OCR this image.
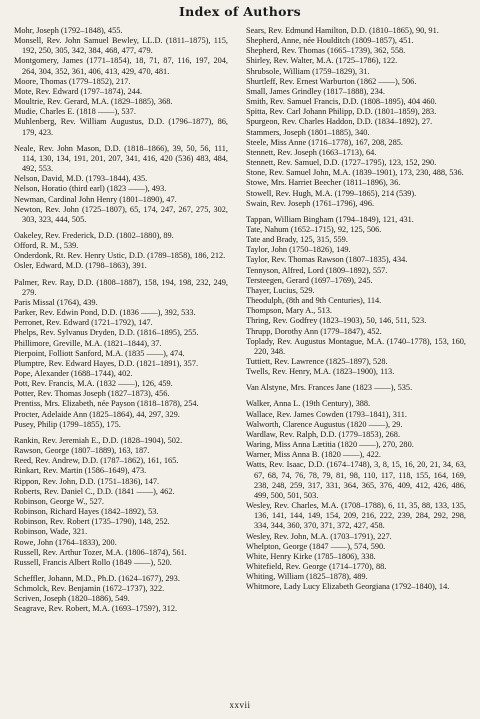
Index of Authors

Mohr, Joseph (1792–1848), 455.

Monsell, Rev. John Samuel Bewley, LL.D. (1811–1875), 115, 192, 250, 305, 342, 384, 468, 477, 479.

Montgomery, James (1771–1854), 18, 71, 87, 116, 197, 204, 264, 304, 352, 361, 406, 413, 429, 470, 481.

Moore, Thomas (1779–1852), 217.

Mote, Rev. Edward (1797–1874), 244.

Moultrie, Rev. Gerard, M.A. (1829–1885), 368.

Mudie, Charles E. (1818 ——), 537.

Muhlenberg, Rev. William Augustus, D.D. (1796–1877), 86, 179, 423.

Neale, Rev. John Mason, D.D. (1818–1866), 39, 50, 56, 111, 114, 130, 134, 191, 201, 207, 341, 416, 420 (536) 483, 484, 492, 553.

Nelson, David, M.D. (1793–1844), 435.

Nelson, Horatio (third earl) (1823 ——), 493.

Newman, Cardinal John Henry (1801–1890), 47.

Newton, Rev. John (1725–1807), 65, 174, 247, 267, 275, 302, 303, 323, 444, 505.

Oakeley, Rev. Frederick, D.D. (1802–1880), 89.

Offord, R. M., 539.

Onderdonk, Rt. Rev. Henry Ustic, D.D. (1789–1858), 186, 212.

Osler, Edward, M.D. (1798–1863), 391.

Palmer, Rev. Ray, D.D. (1808–1887), 158, 194, 198, 232, 249, 279.

Paris Missal (1764), 439.

Parker, Rev. Edwin Pond, D.D. (1836 ——), 392, 533.

Perronet, Rev. Edward (1721–1792), 147.

Phelps, Rev. Sylvanus Dryden, D.D. (1816–1895), 255.

Phillimore, Greville, M.A. (1821–1844), 37.

Pierpoint, Folliott Sanford, M.A. (1835 ——), 474.

Plumptre, Rev. Edward Hayes, D.D. (1821–1891), 357.

Pope, Alexander (1688–1744), 402.

Pott, Rev. Francis, M.A. (1832 ——), 126, 459.

Potter, Rev. Thomas Joseph (1827–1873), 456.

Prentiss, Mrs. Elizabeth, née Payson (1818–1878), 254.

Procter, Adelaide Ann (1825–1864), 44, 297, 329.

Pusey, Philip (1799–1855), 175.

Rankin, Rev. Jeremiah E., D.D. (1828–1904), 502.

Rawson, George (1807–1889), 163, 187.

Reed, Rev. Andrew, D.D. (1787–1862), 161, 165.

Rinkart, Rev. Martin (1586–1649), 473.

Rippon, Rev. John, D.D. (1751–1836), 147.

Roberts, Rev. Daniel C., D.D. (1841 ——), 462.

Robinson, George W., 527.

Robinson, Richard Hayes (1842–1892), 53.

Robinson, Rev. Robert (1735–1790), 148, 252.

Robinson, Wade, 321.

Rowe, John (1764–1833), 200.

Russell, Rev. Arthur Tozer, M.A. (1806–1874), 561.

Russell, Francis Albert Rollo (1849 ——), 520.

Scheffler, Johann, M.D., Ph.D. (1624–1677), 293.

Schmolck, Rev. Benjamin (1672–1737), 322.

Scriven, Joseph (1820–1886), 549.

Seagrave, Rev. Robert, M.A. (1693–1759?), 312.

Sears, Rev. Edmund Hamilton, D.D. (1810–1865), 90, 91.

Shepherd, Anne, née Houlditch (1809–1857), 451.

Shepherd, Rev. Thomas (1665–1739), 362, 558.

Shirley, Rev. Walter, M.A. (1725–1786), 122.

Shrubsole, William (1759–1829), 31.

Shurtleff, Rev. Ernest Warburton (1862 ——), 506.

Small, James Grindley (1817–1888), 234.

Smith, Rev. Samuel Francis, D.D. (1808–1895), 404 460.

Spitta, Rev. Carl Johann Philipp, D.D. (1801–1859), 283.

Spurgeon, Rev. Charles Haddon, D.D. (1834–1892), 27.

Stammers, Joseph (1801–1885), 340.

Steele, Miss Anne (1716–1778), 167, 208, 285.

Stennett, Rev. Joseph (1663–1713), 64.

Stennett, Rev. Samuel, D.D. (1727–1795), 123, 152, 290.

Stone, Rev. Samuel John, M.A. (1839–1901), 173, 230, 488, 536.

Stowe, Mrs. Harriet Beecher (1811–1896), 36.

Stowell, Rev. Hugh, M.A. (1799–1865), 214 (539).

Swain, Rev. Joseph (1761–1796), 496.

Tappan, William Bingham (1794–1849), 121, 431.

Tate, Nahum (1652–1715), 92, 125, 506.

Tate and Brady, 125, 315, 559.

Taylor, John (1750–1826), 149.

Taylor, Rev. Thomas Rawson (1807–1835), 434.

Tennyson, Alfred, Lord (1809–1892), 557.

Tersteegen, Gerard (1697–1769), 245.

Thayer, Lucius, 529.

Theodulph, (8th and 9th Centuries), 114.

Thompson, Mary A., 513.

Thring, Rev. Godfrey (1823–1903), 50, 146, 511, 523.

Thrupp, Dorothy Ann (1779–1847), 452.

Toplady, Rev. Augustus Montague, M.A. (1740–1778), 153, 160, 220, 348.

Tuttiett, Rev. Lawrence (1825–1897), 528.

Twells, Rev. Henry, M.A. (1823–1900), 113.

Van Alstyne, Mrs. Frances Jane (1823 ——), 535.

Walker, Anna L. (19th Century), 388.

Wallace, Rev. James Cowden (1793–1841), 311.

Walworth, Clarence Augustus (1820 ——), 29.

Wardlaw, Rev. Ralph, D.D. (1779–1853), 268.

Waring, Miss Anna Lætitia (1820 ——), 270, 280.

Warner, Miss Anna B. (1820 ——), 422.

Watts, Rev. Isaac, D.D. (1674–1748), 3, 8, 15, 16, 20, 21, 34, 63, 67, 68, 74, 76, 78, 79, 81, 98, 110, 117, 118, 155, 164, 169, 238, 248, 259, 317, 331, 364, 365, 376, 409, 412, 426, 486, 499, 500, 501, 503.

Wesley, Rev. Charles, M.A. (1708–1788), 6, 11, 35, 88, 133, 135, 136, 141, 144, 149, 154, 209, 216, 222, 239, 284, 292, 298, 334, 344, 360, 370, 371, 372, 427, 458.

Wesley, Rev. John, M.A. (1703–1791), 227.

Whelpton, George (1847 ——), 574, 590.

White, Henry Kirke (1785–1806), 338.

Whitefield, Rev. George (1714–1770), 88.

Whiting, William (1825–1878), 489.

Whitmore, Lady Lucy Elizabeth Georgiana (1792–1840), 14.

xxvii
